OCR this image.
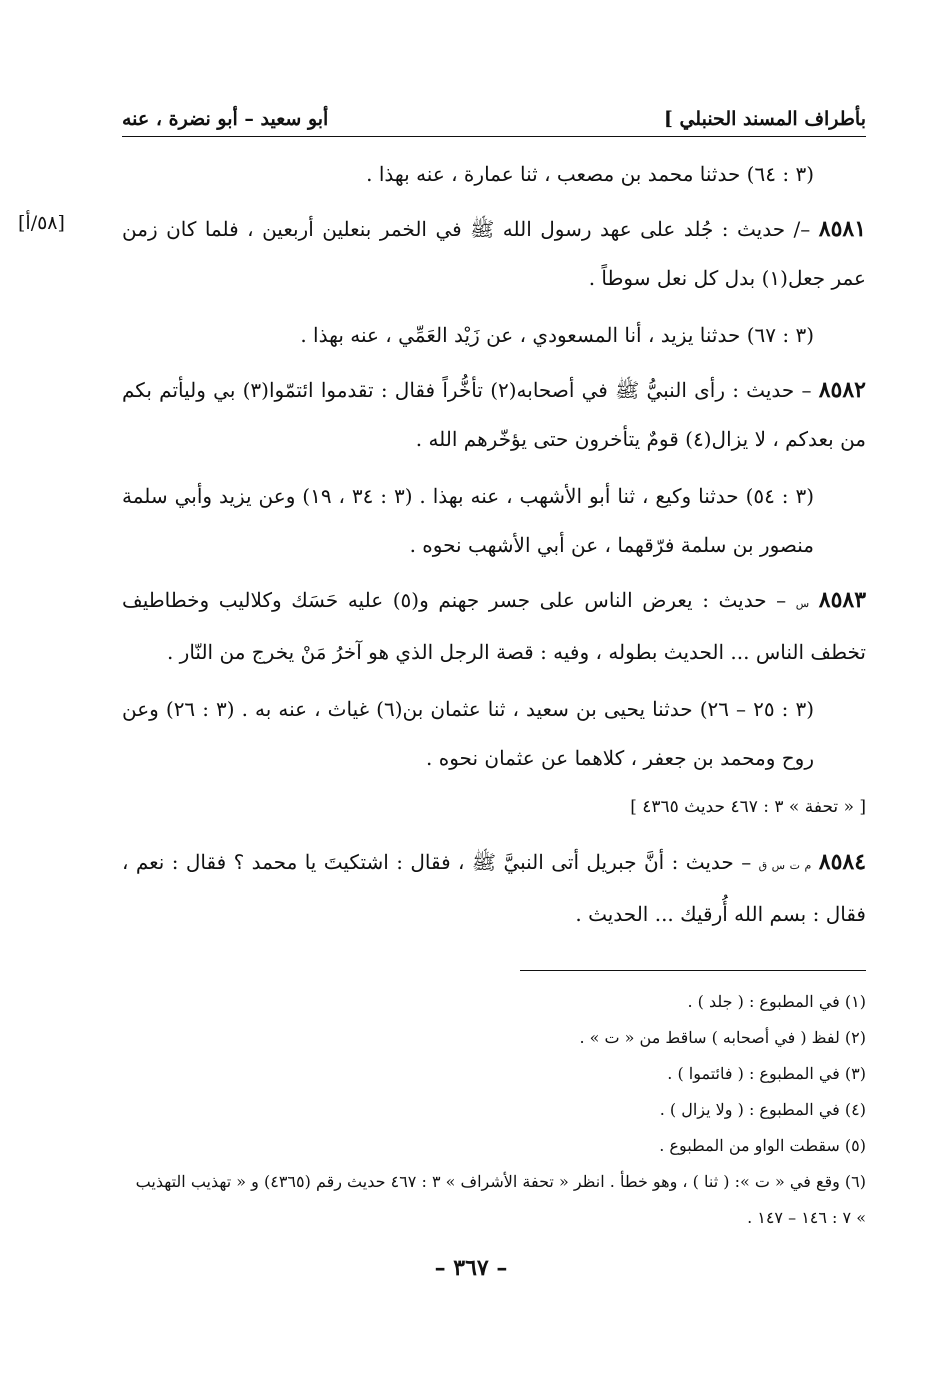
بأطراف المسند الحنبلي ]
أبو سعيد – أبو نضرة ، عنه
[٥٨/أ]

(٣ : ٦٤) حدثنا محمد بن مصعب ، ثنا عمارة ، عنه بهذا .

٨٥٨١ –/ حديث : جُلد على عهد رسول الله ﷺ في الخمر بنعلين أربعين ، فلما كان زمن عمر جعل(١) بدل كل نعل سوطاً .

(٣ : ٦٧) حدثنا يزيد ، أنا المسعودي ، عن زَيْد العَمِّي ، عنه بهذا .

٨٥٨٢ – حديث : رأى النبيُّ ﷺ في أصحابه(٢) تأخُّراً فقال : تقدموا ائتمّوا(٣) بي وليأتم بكم من بعدكم ، لا يزال(٤) قومٌ يتأخرون حتى يؤخّرهم الله .

(٣ : ٥٤) حدثنا وكيع ، ثنا أبو الأشهب ، عنه بهذا . (٣ : ٣٤ ، ١٩) وعن يزيد وأبي سلمة منصور بن سلمة فرّقهما ، عن أبي الأشهب نحوه .

٨٥٨٣ س – حديث : يعرض الناس على جسر جهنم و(٥) عليه حَسَك وكلاليب وخطاطيف تخطف الناس ... الحديث بطوله ، وفيه : قصة الرجل الذي هو آخرُ مَنْ يخرج من النّار .

(٣ : ٢٥ – ٢٦) حدثنا يحيى بن سعيد ، ثنا عثمان بن(٦) غياث ، عنه به . (٣ : ٢٦) وعن روح ومحمد بن جعفر ، كلاهما عن عثمان نحوه .

[ « تحفة » ٣ : ٤٦٧ حديث ٤٣٦٥ ]

٨٥٨٤ م ت س ق – حديث : أنَّ جبريل أتى النبيَّ ﷺ ، فقال : اشتكيتَ يا محمد ؟ فقال : نعم ، فقال : بسم الله أُرقيك ... الحديث .

(١) في المطبوع : ( جلد ) .

(٢) لفظ ( في أصحابه ) ساقط من « ت » .

(٣) في المطبوع : ( فائتموا ) .

(٤) في المطبوع : ( ولا يزال ) .

(٥) سقطت الواو من المطبوع .

(٦) وقع في « ت »: ( ثنا ) ، وهو خطأ . انظر « تحفة الأشراف » ٣ : ٤٦٧ حديث رقم (٤٣٦٥) و « تهذيب التهذيب » ٧ : ١٤٦ – ١٤٧ .

– ٣٦٧ –
